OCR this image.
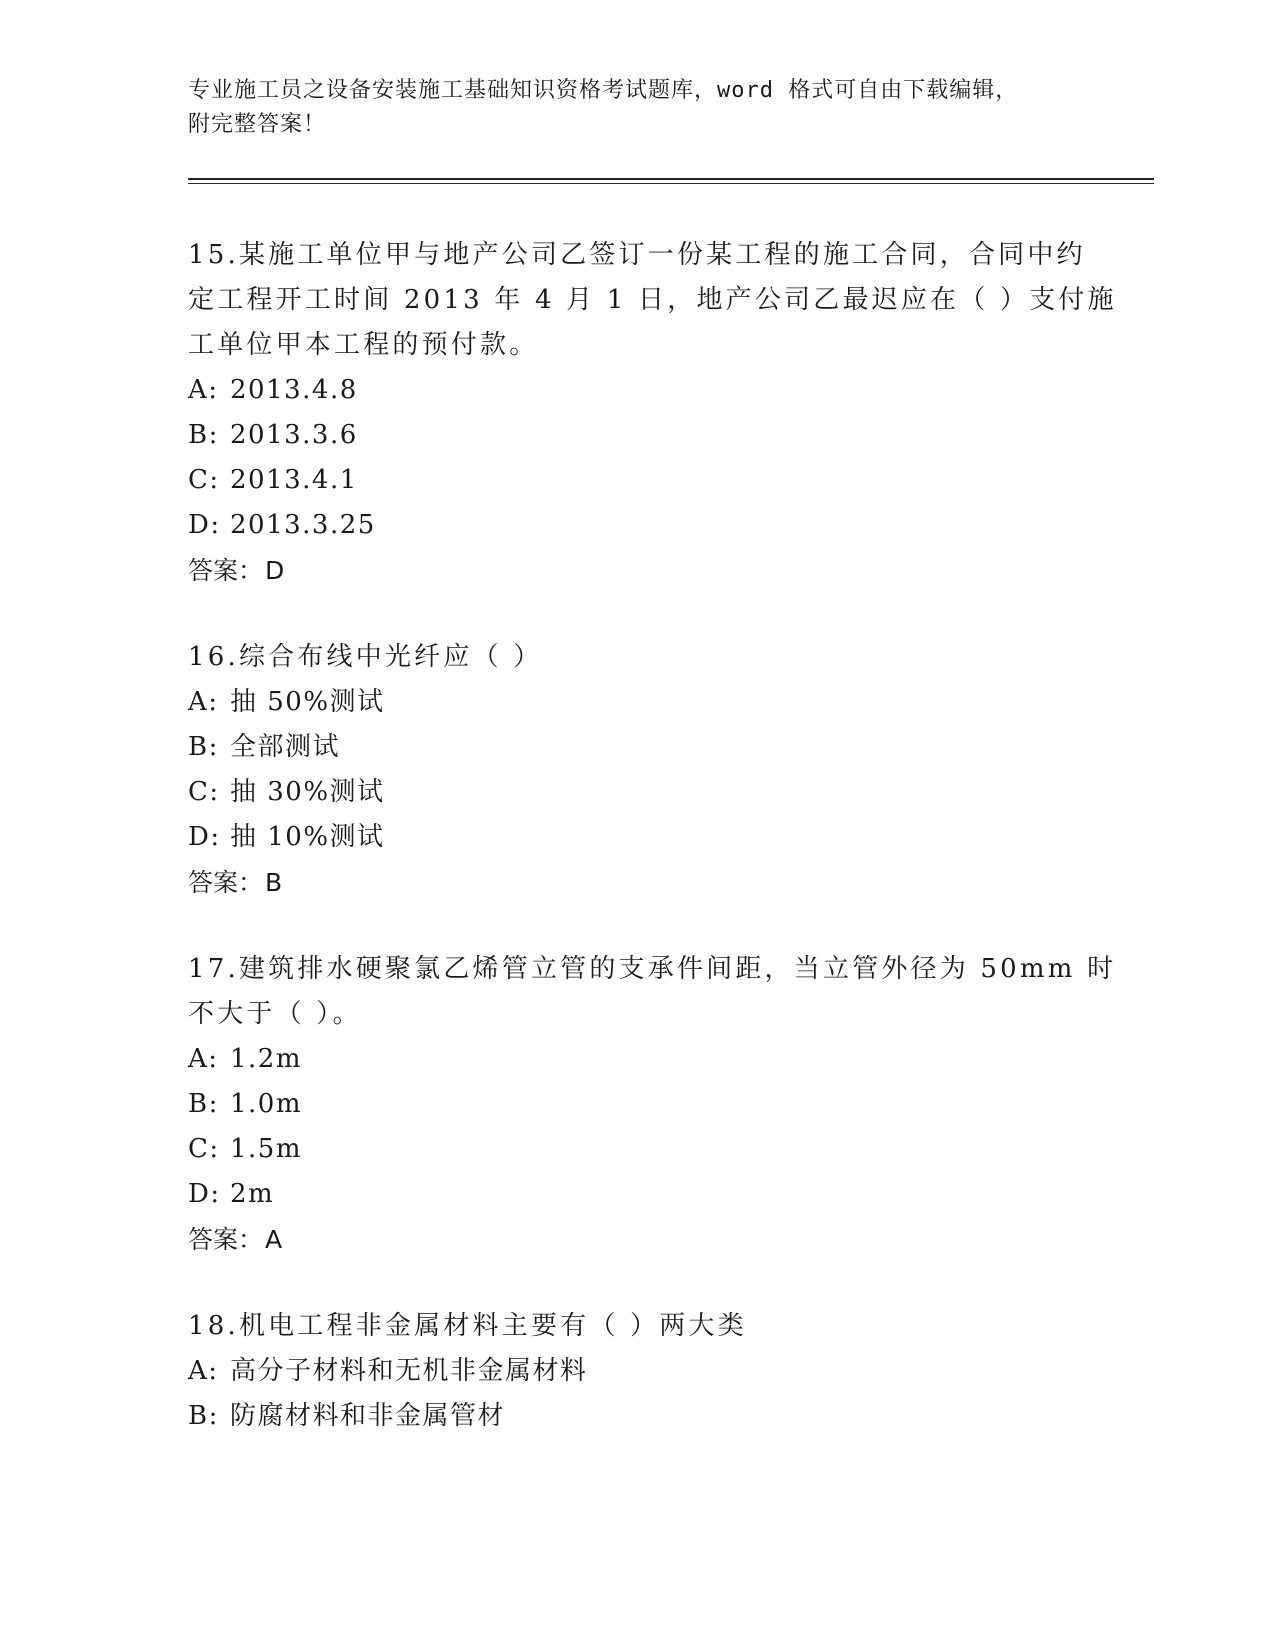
专业施工员之设备安装施工基础知识资格考试题库，word 格式可自由下载编辑，
附完整答案！
15.某施工单位甲与地产公司乙签订一份某工程的施工合同，合同中约
定工程开工时间 2013 年 4 月 1 日，地产公司乙最迟应在（ ）支付施
工单位甲本工程的预付款。
A: 2013.4.8
B: 2013.3.6
C: 2013.4.1
D: 2013.3.25
答案：D
16.综合布线中光纤应（ ）
A: 抽 50%测试
B: 全部测试
C: 抽 30%测试
D: 抽 10%测试
答案：B
17.建筑排水硬聚氯乙烯管立管的支承件间距，当立管外径为 50mm 时
不大于（ ）。
A: 1.2m
B: 1.0m
C: 1.5m
D: 2m
答案：A
18.机电工程非金属材料主要有（ ）两大类
A: 高分子材料和无机非金属材料
B: 防腐材料和非金属管材
